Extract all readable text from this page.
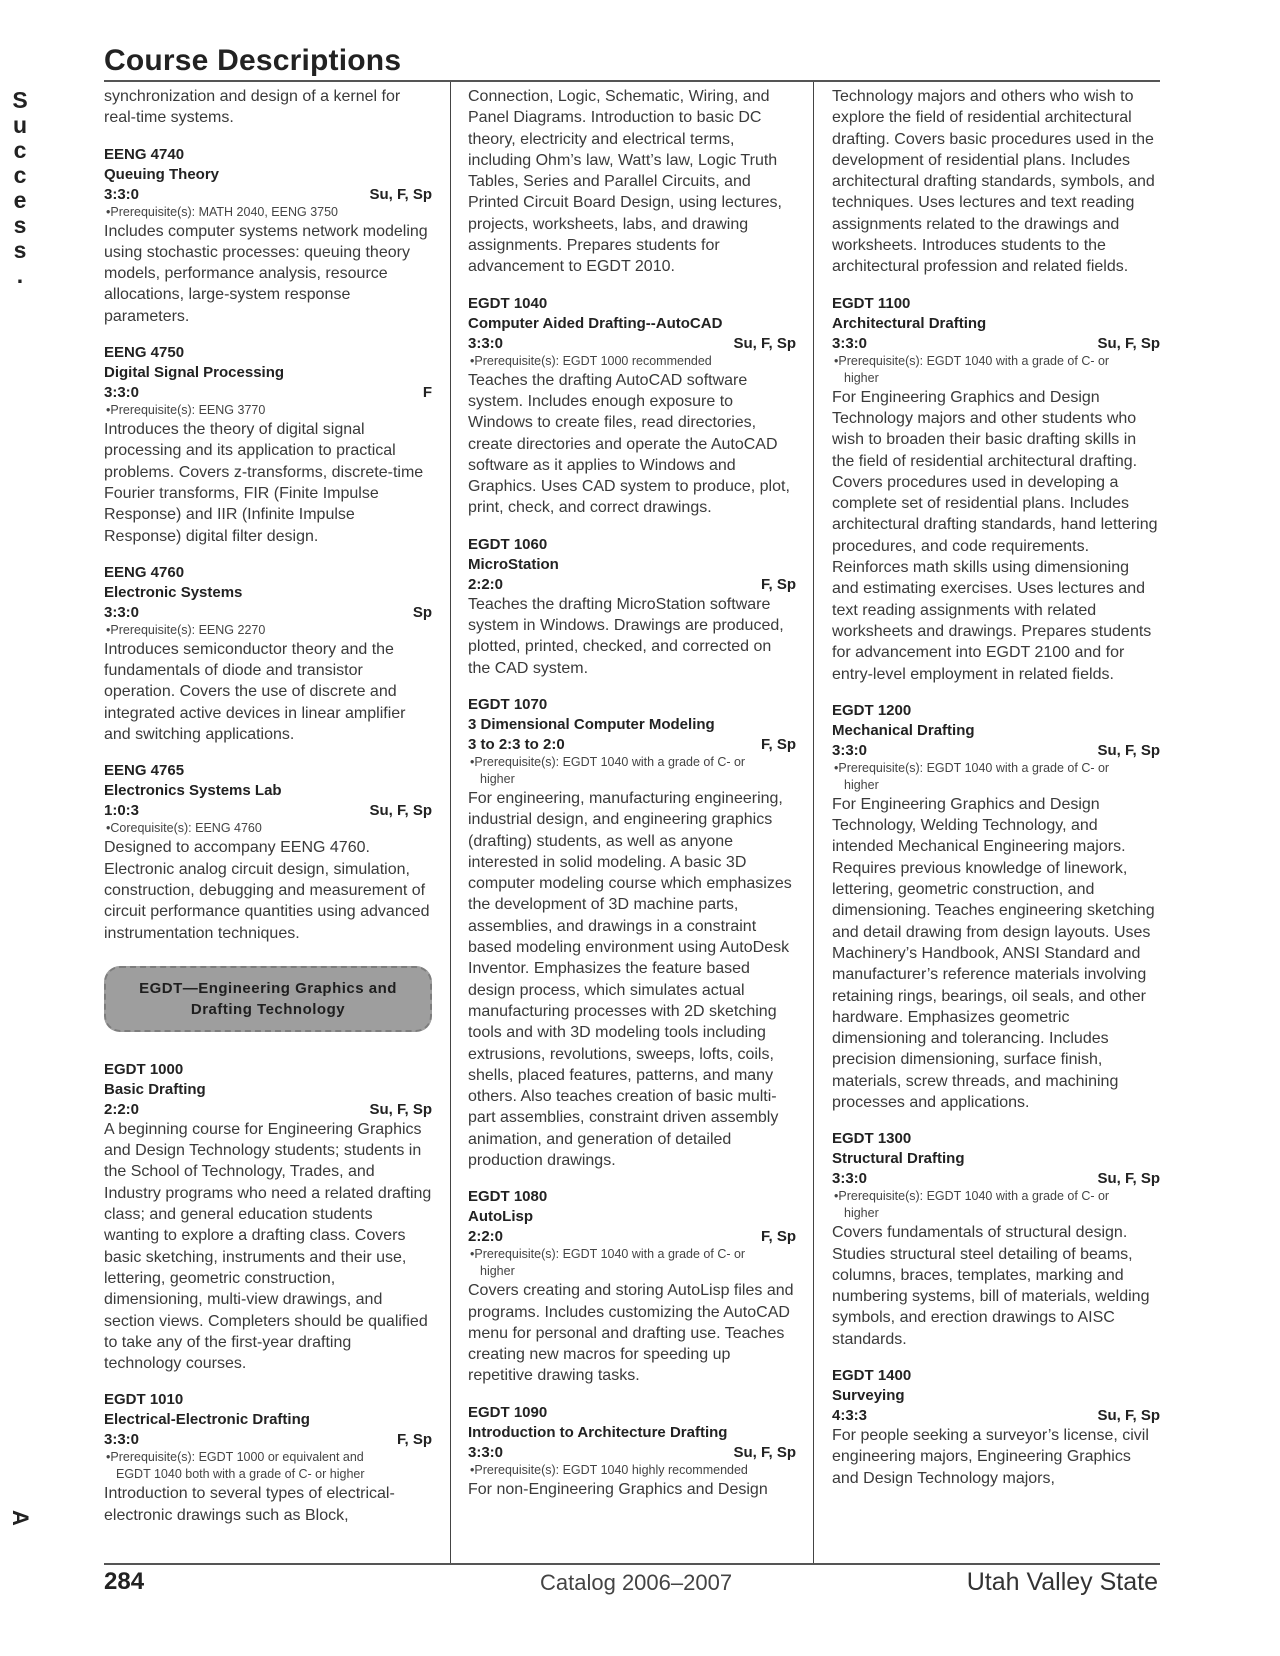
S
u
c
c
e
s
s
.
A
Course Descriptions

synchronization and design of a kernel for real-time systems.

EENG 4740
Queuing Theory
3:3:0	Su, F, Sp
•Prerequisite(s): MATH 2040, EENG 3750

Includes computer systems network modeling using stochastic processes: queuing theory models, performance analysis, resource allocations, large-system response parameters.

EENG 4750
Digital Signal Processing
3:3:0	F
•Prerequisite(s): EENG 3770

Introduces the theory of digital signal processing and its application to practical problems. Covers z-transforms, discrete-time Fourier transforms, FIR (Finite Impulse Response) and IIR (Infinite Impulse Response) digital filter design.

EENG 4760
Electronic Systems
3:3:0	Sp
•Prerequisite(s): EENG 2270

Introduces semiconductor theory and the fundamentals of diode and transistor operation. Covers the use of discrete and integrated active devices in linear amplifier and switching applications.

EENG 4765
Electronics Systems Lab
1:0:3	Su, F, Sp
•Corequisite(s): EENG 4760

Designed to accompany EENG 4760. Electronic analog circuit design, simulation, construction, debugging and measurement of circuit performance quantities using advanced instrumentation techniques.

EGDT—Engineering Graphics and
Drafting Technology
EGDT 1000
Basic Drafting
2:2:0	Su, F, Sp

A beginning course for Engineering Graphics and Design Technology students; students in the School of Technology, Trades, and Industry programs who need a related drafting class; and general education students wanting to explore a drafting class. Covers basic sketching, instruments and their use, lettering, geometric construction, dimensioning, multi-view drawings, and section views. Completers should be qualified to take any of the first-year drafting technology courses.

EGDT 1010
Electrical-Electronic Drafting
3:3:0	F, Sp
•Prerequisite(s): EGDT 1000 or equivalent and
EGDT 1040 both with a grade of C- or higher

Introduction to several types of electrical-electronic drawings such as Block,

Connection, Logic, Schematic, Wiring, and Panel Diagrams. Introduction to basic DC theory, electricity and electrical terms, including Ohm’s law, Watt’s law, Logic Truth Tables, Series and Parallel Circuits, and Printed Circuit Board Design, using lectures, projects, worksheets, labs, and drawing assignments. Prepares students for advancement to EGDT 2010.

EGDT 1040
Computer Aided Drafting--AutoCAD
3:3:0	Su, F, Sp
•Prerequisite(s): EGDT 1000 recommended

Teaches the drafting AutoCAD software system. Includes enough exposure to Windows to create files, read directories, create directories and operate the AutoCAD software as it applies to Windows and Graphics. Uses CAD system to produce, plot, print, check, and correct drawings.

EGDT 1060
MicroStation
2:2:0	F, Sp

Teaches the drafting MicroStation software system in Windows. Drawings are produced, plotted, printed, checked, and corrected on the CAD system.

EGDT 1070
3 Dimensional Computer Modeling
3 to 2:3 to 2:0	F, Sp
•Prerequisite(s): EGDT 1040 with a grade of C- or
higher

For engineering, manufacturing engineering, industrial design, and engineering graphics (drafting) students, as well as anyone interested in solid modeling. A basic 3D computer modeling course which emphasizes the development of 3D machine parts, assemblies, and drawings in a constraint based modeling environment using AutoDesk Inventor. Emphasizes the feature based design process, which simulates actual manufacturing processes with 2D sketching tools and with 3D modeling tools including extrusions, revolutions, sweeps, lofts, coils, shells, placed features, patterns, and many others. Also teaches creation of basic multi-part assemblies, constraint driven assembly animation, and generation of detailed production drawings.

EGDT 1080
AutoLisp
2:2:0	F, Sp
•Prerequisite(s): EGDT 1040 with a grade of C- or
higher

Covers creating and storing AutoLisp files and programs. Includes customizing the AutoCAD menu for personal and drafting use. Teaches creating new macros for speeding up repetitive drawing tasks.

EGDT 1090
Introduction to Architecture Drafting
3:3:0	Su, F, Sp
•Prerequisite(s): EGDT 1040 highly recommended

For non-Engineering Graphics and Design

Technology majors and others who wish to explore the field of residential architectural drafting. Covers basic procedures used in the development of residential plans. Includes architectural drafting standards, symbols, and techniques. Uses lectures and text reading assignments related to the drawings and worksheets. Introduces students to the architectural profession and related fields.

EGDT 1100
Architectural Drafting
3:3:0	Su, F, Sp
•Prerequisite(s): EGDT 1040 with a grade of C- or
higher

For Engineering Graphics and Design Technology majors and other students who wish to broaden their basic drafting skills in the field of residential architectural drafting. Covers procedures used in developing a complete set of residential plans. Includes architectural drafting standards, hand lettering procedures, and code requirements. Reinforces math skills using dimensioning and estimating exercises. Uses lectures and text reading assignments with related worksheets and drawings. Prepares students for advancement into EGDT 2100 and for entry-level employment in related fields.

EGDT 1200
Mechanical Drafting
3:3:0	Su, F, Sp
•Prerequisite(s): EGDT 1040 with a grade of C- or
higher

For Engineering Graphics and Design Technology, Welding Technology, and intended Mechanical Engineering majors. Requires previous knowledge of linework, lettering, geometric construction, and dimensioning. Teaches engineering sketching and detail drawing from design layouts. Uses Machinery’s Handbook, ANSI Standard and manufacturer’s reference materials involving retaining rings, bearings, oil seals, and other hardware. Emphasizes geometric dimensioning and tolerancing. Includes precision dimensioning, surface finish, materials, screw threads, and machining processes and applications.

EGDT 1300
Structural Drafting
3:3:0	Su, F, Sp
•Prerequisite(s): EGDT 1040 with a grade of C- or
higher

Covers fundamentals of structural design. Studies structural steel detailing of beams, columns, braces, templates, marking and numbering systems, bill of materials, welding symbols, and erection drawings to AISC standards.

EGDT 1400
Surveying
4:3:3	Su, F, Sp

For people seeking a surveyor’s license, civil engineering majors, Engineering Graphics and Design Technology majors,

284	Catalog 2006–2007	Utah Valley State
